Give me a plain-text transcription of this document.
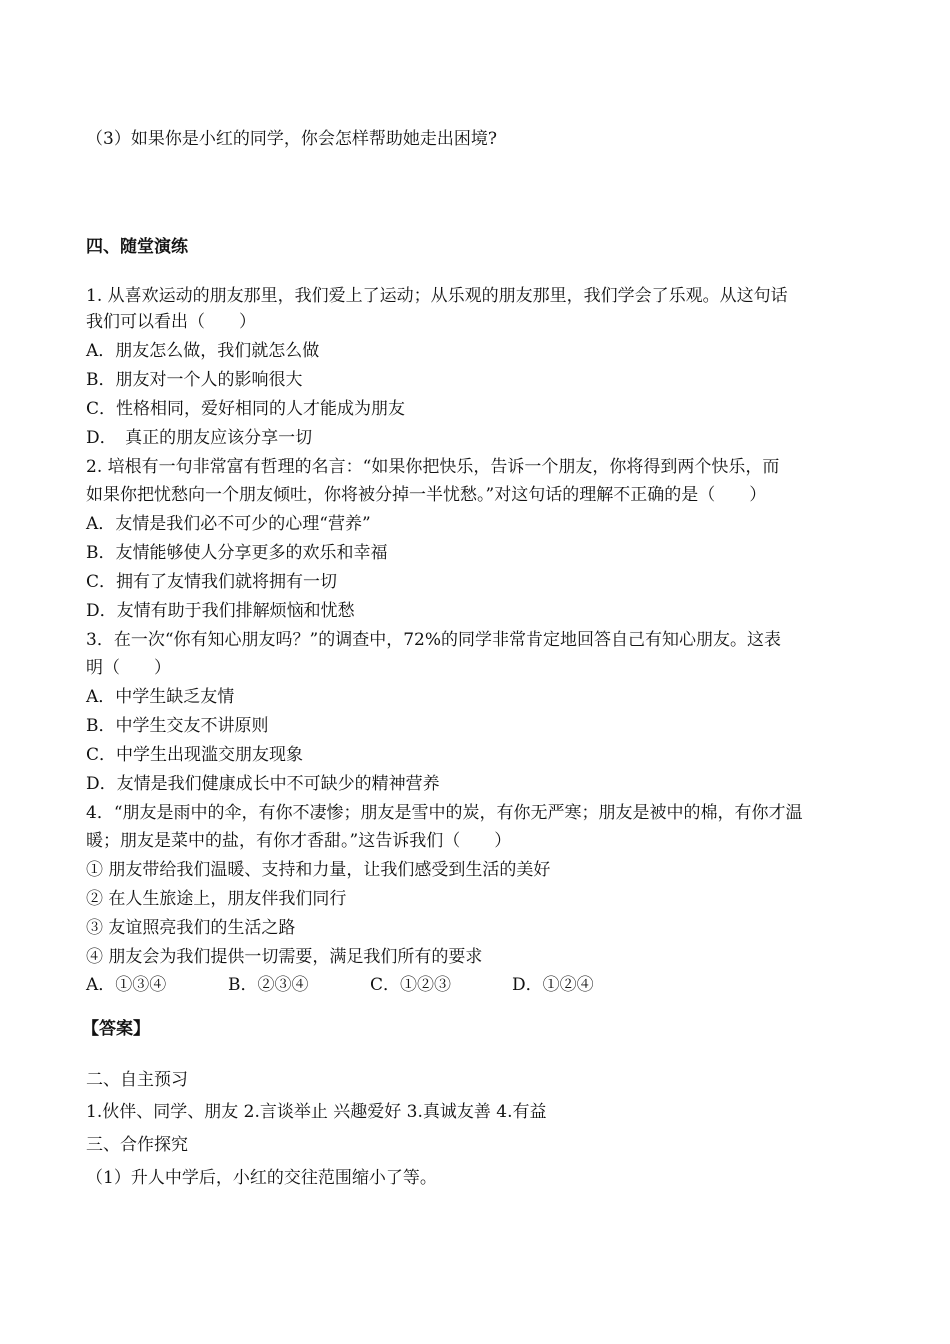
（3）如果你是小红的同学，你会怎样帮助她走出困境?
四、随堂演练
1. 从喜欢运动的朋友那里，我们爱上了运动；从乐观的朋友那里，我们学会了乐观。从这句话
我们可以看出（　　）
A．朋友怎么做，我们就怎么做
B．朋友对一个人的影响很大
C．性格相同，爱好相同的人才能成为朋友
D．　真正的朋友应该分享一切
2. 培根有一句非常富有哲理的名言：“如果你把快乐，告诉一个朋友，你将得到两个快乐，而
如果你把忧愁向一个朋友倾吐，你将被分掉一半忧愁。”对这句话的理解不正确的是（　　）
A．友情是我们必不可少的心理“营养”
B．友情能够使人分享更多的欢乐和幸福
C．拥有了友情我们就将拥有一切
D．友情有助于我们排解烦恼和忧愁
3．在一次“你有知心朋友吗？”的调查中，72%的同学非常肯定地回答自己有知心朋友。这表
明（　　）
A．中学生缺乏友情
B．中学生交友不讲原则
C．中学生出现滥交朋友现象
D．友情是我们健康成长中不可缺少的精神营养
4．“朋友是雨中的伞，有你不凄惨；朋友是雪中的炭，有你无严寒；朋友是被中的棉，有你才温
暖；朋友是菜中的盐，有你才香甜。”这告诉我们（　　）
① 朋友带给我们温暖、支持和力量，让我们感受到生活的美好
② 在人生旅途上，朋友伴我们同行
③ 友谊照亮我们的生活之路
④ 朋友会为我们提供一切需要，满足我们所有的要求
A．①③④	B．②③④	C．①②③	D．①②④
【答案】
二、自主预习
1.伙伴、同学、朋友 2.言谈举止 兴趣爱好 3.真诚友善 4.有益
三、合作探究
（1）升人中学后，小红的交往范围缩小了等。
